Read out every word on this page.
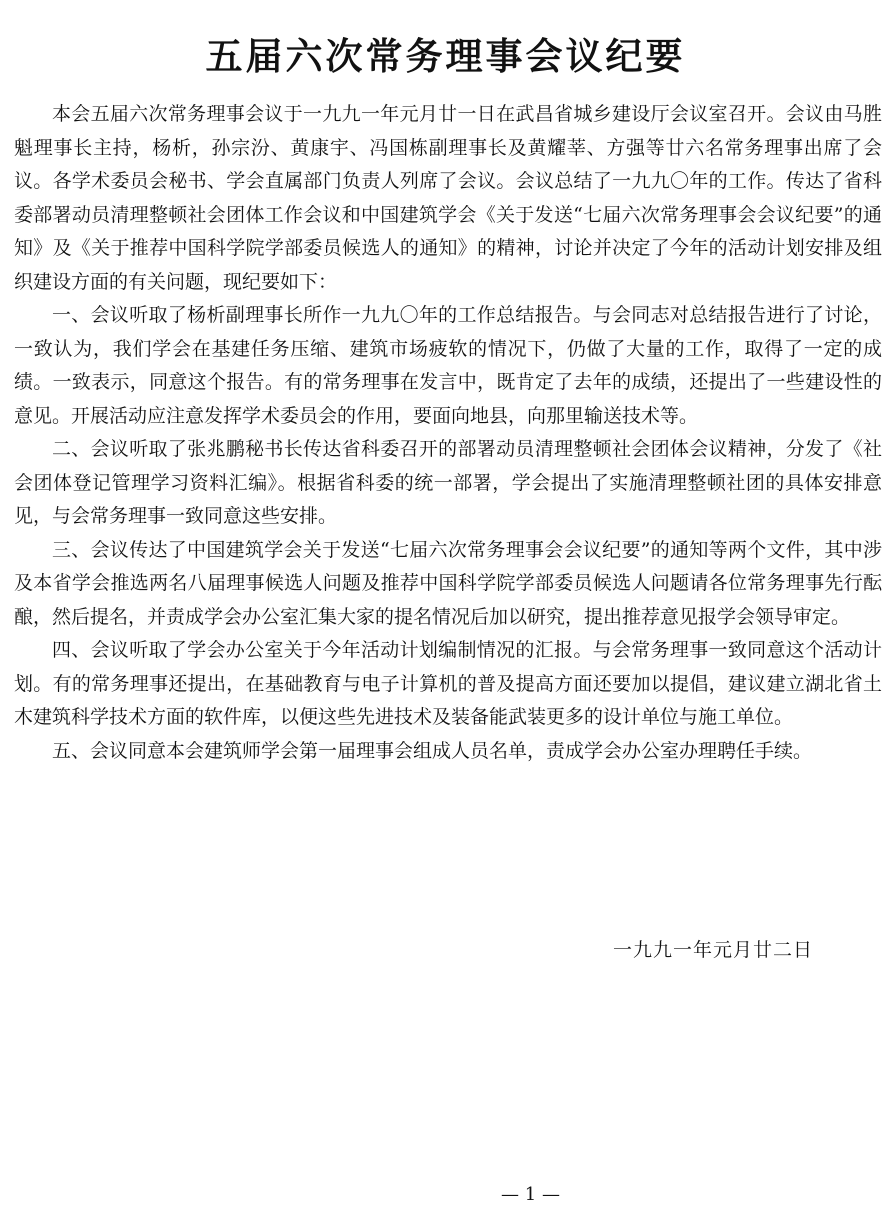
五届六次常务理事会议纪要

本会五届六次常务理事会议于一九九一年元月廿一日在武昌省城乡建设厅会议室召开。会议由马胜魁理事长主持，杨析，孙宗汾、黄康宇、冯国栋副理事长及黄耀莘、方强等廿六名常务理事出席了会议。各学术委员会秘书、学会直属部门负责人列席了会议。会议总结了一九九〇年的工作。传达了省科委部署动员清理整顿社会团体工作会议和中国建筑学会《关于发送“七届六次常务理事会会议纪要”的通知》及《关于推荐中国科学院学部委员候选人的通知》的精神，讨论并决定了今年的活动计划安排及组织建设方面的有关问题，现纪要如下：

一、会议听取了杨析副理事长所作一九九〇年的工作总结报告。与会同志对总结报告进行了讨论，一致认为，我们学会在基建任务压缩、建筑市场疲软的情况下，仍做了大量的工作，取得了一定的成绩。一致表示，同意这个报告。有的常务理事在发言中，既肯定了去年的成绩，还提出了一些建设性的意见。开展活动应注意发挥学术委员会的作用，要面向地县，向那里输送技术等。

二、会议听取了张兆鹏秘书长传达省科委召开的部署动员清理整顿社会团体会议精神，分发了《社会团体登记管理学习资料汇编》。根据省科委的统一部署，学会提出了实施清理整顿社团的具体安排意见，与会常务理事一致同意这些安排。

三、会议传达了中国建筑学会关于发送“七届六次常务理事会会议纪要”的通知等两个文件，其中涉及本省学会推选两名八届理事候选人问题及推荐中国科学院学部委员候选人问题请各位常务理事先行酝酿，然后提名，并责成学会办公室汇集大家的提名情况后加以研究，提出推荐意见报学会领导审定。

四、会议听取了学会办公室关于今年活动计划编制情况的汇报。与会常务理事一致同意这个活动计划。有的常务理事还提出，在基础教育与电子计算机的普及提高方面还要加以提倡，建议建立湖北省土木建筑科学技术方面的软件库，以便这些先进技术及装备能武装更多的设计单位与施工单位。

五、会议同意本会建筑师学会第一届理事会组成人员名单，责成学会办公室办理聘任手续。

一九九一年元月廿二日
— 1 —
